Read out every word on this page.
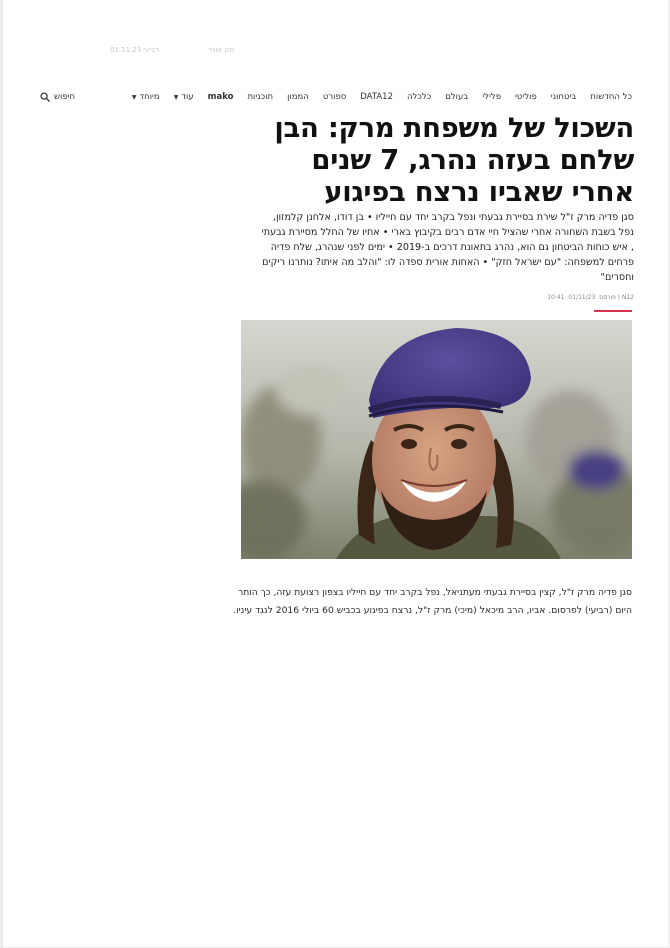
רביעי 01.11.23	מזג אוויר
כל החדשות
ביטחוני
פוליטי
פלילי
בעולם
כלכלה
DATA12
ספורט
הממון
תוכניות
mako
עוד▼
מיוחד▼
חיפוש
השכול של משפחת מרק: הבן שלחם בעזה נהרג, 7 שנים אחרי שאביו נרצח בפיגוע

סגן פדיה מרק ז"ל שירת בסיירת גבעתי ונפל בקרב יחד עם חייליו • בן דודו, אלחנן קלמזון, נפל בשבת השחורה אחרי שהציל חיי אדם רבים בקיבוץ בארי • אחיו של החלל מסיירת גבעתי , איש כוחות הביטחון גם הוא, נהרג בתאונת דרכים ב-2019 • ימים לפני שנהרג, שלח פדיה פרחים למשפחה: "עם ישראל חזק" • האחות אורית ספדה לו: "והלב מה איתו? נותרנו ריקים וחסרים"

N12| פורסם 01/11/23 10:41

סגן פדיה מרק ז"ל, קצין בסיירת גבעתי מעתניאל, נפל בקרב יחד עם חייליו בצפון רצועת עזה, כך הותר היום (רביעי) לפרסום. אביו, הרב מיכאל (מיכי) מרק ז"ל, נרצח בפיגוע בכביש 60 ביולי 2016 לנגד עיניו.
